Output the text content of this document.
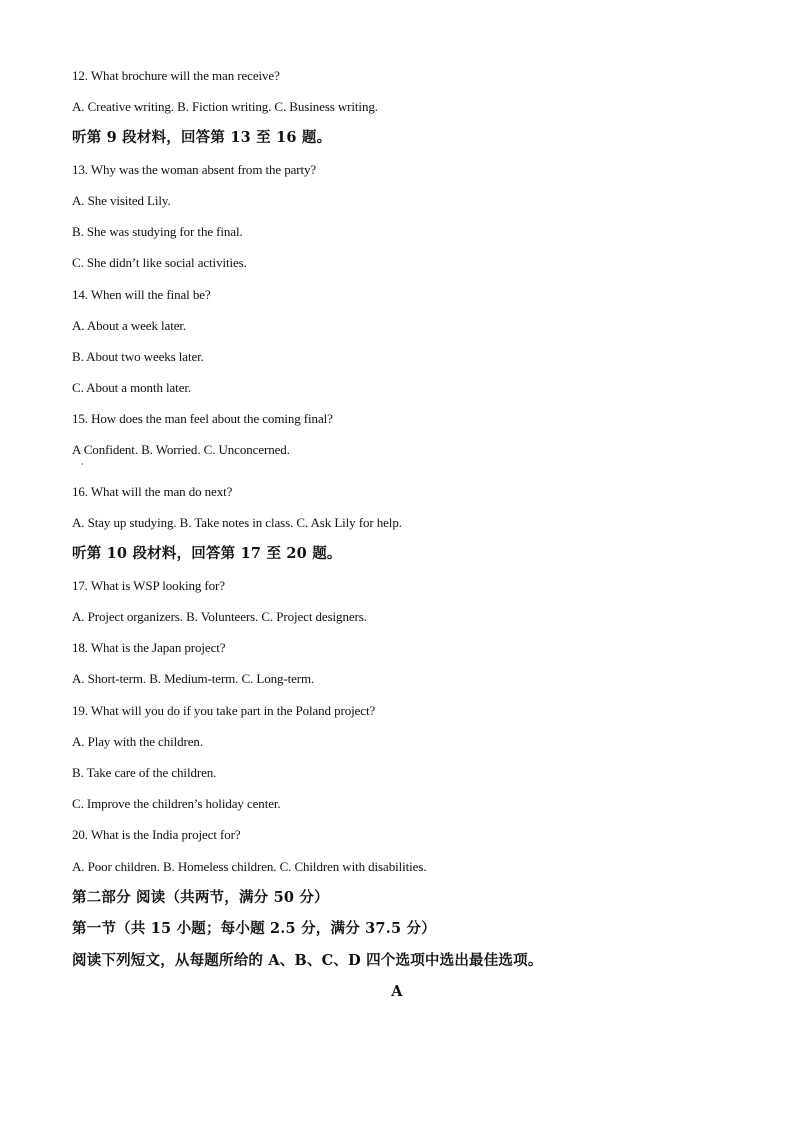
12. What brochure will the man receive?
A. Creative writing. B. Fiction writing. C. Business writing.
听第 9 段材料，回答第 13 至 16 题。
13. Why was the woman absent from the party?
A. She visited Lily.
B. She was studying for the final.
C. She didn’t like social activities.
14. When will the final be?
A. About a week later.
B. About two weeks later.
C. About a month later.
15. How does the man feel about the coming final?
A Confident. B. Worried. C. Unconcerned.
16. What will the man do next?
A. Stay up studying. B. Take notes in class. C. Ask Lily for help.
听第 10 段材料，回答第 17 至 20 题。
17. What is WSP looking for?
A. Project organizers. B. Volunteers. C. Project designers.
18. What is the Japan project?
A. Short-term. B. Medium-term. C. Long-term.
19. What will you do if you take part in the Poland project?
A. Play with the children.
B. Take care of the children.
C. Improve the children’s holiday center.
20. What is the India project for?
A. Poor children. B. Homeless children. C. Children with disabilities.
第二部分 阅读（共两节，满分 50 分）
第一节（共 15 小题；每小题 2.5 分，满分 37.5 分）
阅读下列短文，从每题所给的 A、B、C、D 四个选项中选出最佳选项。
A
